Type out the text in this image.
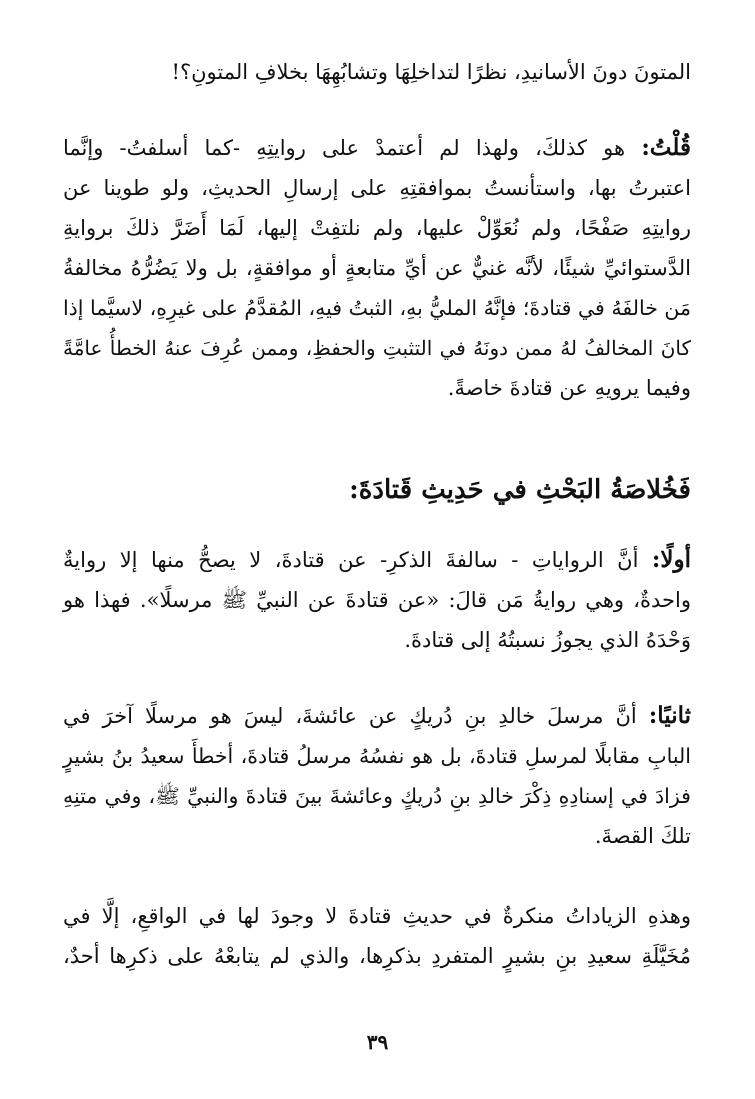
المتونَ دونَ الأسانيدِ، نظرًا لتداخلِهَا وتشابُهِهَا بخلافِ المتونِ؟!
قُلْتُ: هو كذلكَ، ولهذا لم أعتمدْ على روايتِهِ -كما أسلفتُ- وإنَّما
اعتبرتُ بها، واستأنستُ بموافقتِهِ على إرسالِ الحديثِ، ولو طوينا عن
روايتِهِ صَفْحًا، ولم نُعَوِّلْ عليها، ولم نلتفِتْ إليها، لَمَا أَضَرَّ ذلكَ بروايةِ
الدَّستوائيِّ شيئًا، لأنَّه غنيٌّ عن أيِّ متابعةٍ أو موافقةٍ، بل ولا يَضُرُّهُ مخالفةُ
مَن خالفَهُ في قتادةَ؛ فإنَّهُ المليُّ بهِ، الثبتُ فيهِ، المُقدَّمُ على غيرِهِ، لاسيَّما إذا
كانَ المخالفُ لهُ ممن دونَهُ في التثبتِ والحفظِ، وممن عُرِفَ عنهُ الخطأُ عامَّةً
وفيما يرويهِ عن قتادةَ خاصةً.
فَخُلاصَةُ البَحْثِ في حَدِيثِ قَتادَةَ:
أولًا: أنَّ الرواياتِ - سالفةَ الذكرِ- عن قتادةَ، لا يصحُّ منها إلا روايةٌ
واحدةٌ، وهي روايةُ مَن قالَ: «عن قتادةَ عن النبيِّ ﷺ مرسلًا». فهذا هو
وَحْدَهُ الذي يجوزُ نسبتُهُ إلى قتادةَ.
ثانيًا: أنَّ مرسلَ خالدِ بنِ دُريكٍ عن عائشةَ، ليسَ هو مرسلًا آخرَ في
البابِ مقابلًا لمرسلِ قتادةَ، بل هو نفسُهُ مرسلُ قتادةَ، أخطأَ سعيدُ بنُ بشيرٍ
فزادَ في إسنادِهِ ذِكْرَ خالدِ بنِ دُريكٍ وعائشةَ بينَ قتادةَ والنبيِّ ﷺ، وفي متنِهِ
تلكَ القصةَ.
وهذهِ الزياداتُ منكرةٌ في حديثِ قتادةَ لا وجودَ لها في الواقعِ، إلَّا في
مُخَيَّلَةِ سعيدِ بنِ بشيرٍ المتفردِ بذكرِها، والذي لم يتابعْهُ على ذكرِها أحدٌ،
٣٩
